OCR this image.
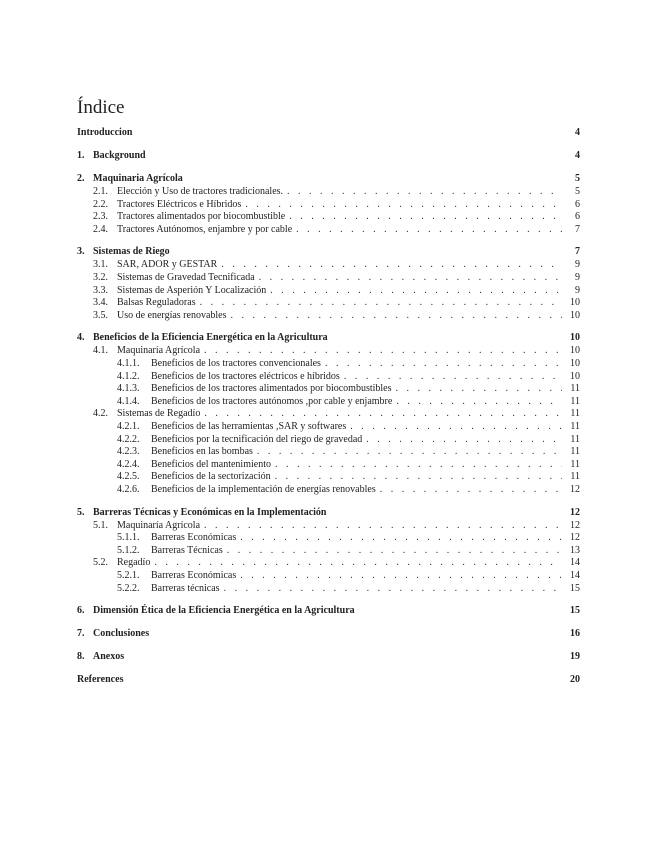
Índice
Introduccion	4
1. Background	4
2. Maquinaria Agrícola	5
2.1. Elección y Uso de tractores tradicionales. . . .	5
2.2. Tractores Eléctricos e Híbridos . . .	6
2.3. Tractores alimentados por biocombustible . . .	6
2.4. Tractores Autónomos, enjambre y por cable . . .	7
3. Sistemas de Riego	7
3.1. SAR, ADOR y GESTAR . . .	9
3.2. Sistemas de Gravedad Tecnificada . . .	9
3.3. Sistemas de Asperión Y Localización . . .	9
3.4. Balsas Reguladoras . . .	10
3.5. Uso de energías renovables . . .	10
4. Beneficios de la Eficiencia Energética en la Agricultura	10
4.1. Maquinaría Agrícola . . .	10
4.1.1.	Beneficios de los tractores convencionales . . .	10
4.1.2.	Beneficios de los tractores eléctricos e híbridos . . .	10
4.1.3.	Beneficios de los tractores alimentados por biocombustibles . . .	11
4.1.4.	Beneficios de los tractores autónomos ,por cable y enjambre . . .	11
4.2. Sistemas de Regadío . . .	11
4.2.1.	Beneficios de las herramientas ,SAR y softwares . . .	11
4.2.2.	Beneficios por la tecnificación del riego de gravedad . . .	11
4.2.3.	Beneficios en las bombas . . .	11
4.2.4.	Beneficios del mantenimiento . . .	11
4.2.5.	Beneficios de la sectorización . . .	11
4.2.6.	Beneficios de la implementación de energías renovables . . .	12
5. Barreras Técnicas y Económicas en la Implementación	12
5.1. Maquinaría Agrícola . . .	12
5.1.1.	Barreras Económicas . . .	12
5.1.2.	Barreras Técnicas . . .	13
5.2. Regadío . . .	14
5.2.1.	Barreras Económicas . . .	14
5.2.2.	Barreras técnicas . . .	15
6. Dimensión Ética de la Eficiencia Energética en la Agricultura	15
7. Conclusiones	16
8. Anexos	19
References	20
